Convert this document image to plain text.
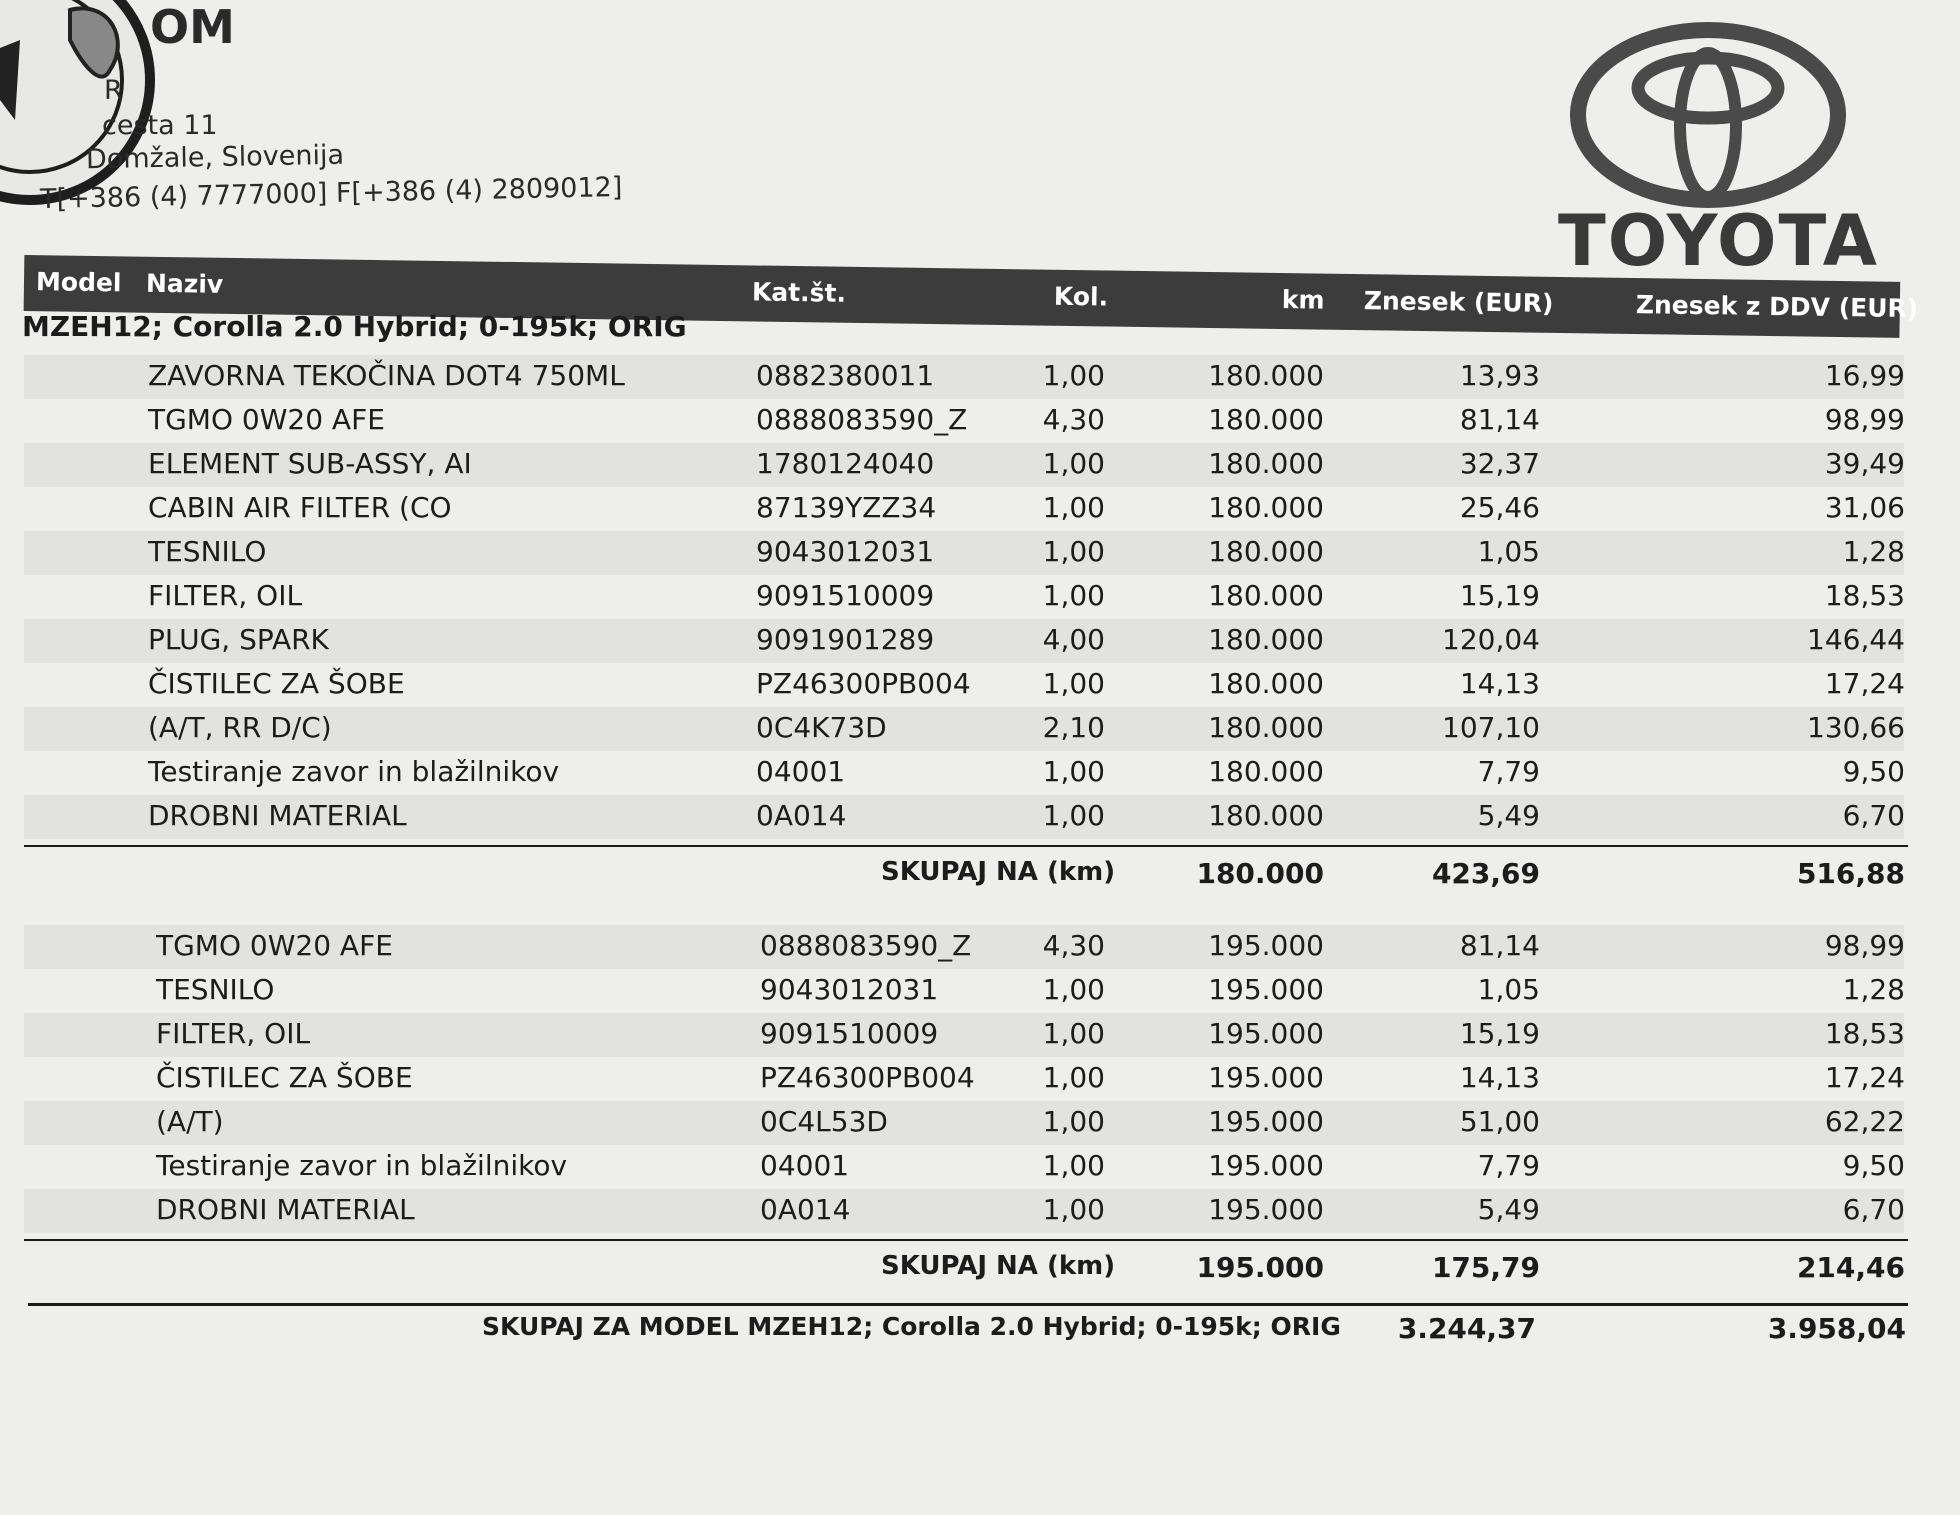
OM
R
cesta 11
Domžale, Slovenija
T[+386 (4) 7777000] F[+386 (4) 2809012]
TOYOTA
Model Naziv	Kat.št.	Kol.	km Znesek (EUR)	Znesek z DDV (EUR)
MZEH12; Corolla 2.0 Hybrid; 0-195k; ORIG
ZAVORNA TEKOČINA DOT4 750ML	0882380011	1,00	180.000	13,93	16,99
TGMO 0W20 AFE	0888083590_Z	4,30	180.000	81,14	98,99
ELEMENT SUB-ASSY, AI	1780124040	1,00	180.000	32,37	39,49
CABIN AIR FILTER (CO	87139YZZ34	1,00	180.000	25,46	31,06
TESNILO	9043012031	1,00	180.000	1,05	1,28
FILTER, OIL	9091510009	1,00	180.000	15,19	18,53
PLUG, SPARK	9091901289	4,00	180.000	120,04	146,44
ČISTILEC ZA ŠOBE	PZ46300PB004	1,00	180.000	14,13	17,24
(A/T, RR D/C)	0C4K73D	2,10	180.000	107,10	130,66
Testiranje zavor in blažilnikov	04001	1,00	180.000	7,79	9,50
DROBNI MATERIAL	0A014	1,00	180.000	5,49	6,70
SKUPAJ NA (km)	180.000	423,69	516,88
TGMO 0W20 AFE	0888083590_Z	4,30	195.000	81,14	98,99
TESNILO	9043012031	1,00	195.000	1,05	1,28
FILTER, OIL	9091510009	1,00	195.000	15,19	18,53
ČISTILEC ZA ŠOBE	PZ46300PB004 1,00	195.000	14,13	17,24
(A/T)	0C4L53D	1,00	195.000	51,00	62,22
Testiranje zavor in blažilnikov	04001	1,00	195.000	7,79	9,50
DROBNI MATERIAL	0A014	1,00	195.000	5,49	6,70
SKUPAJ NA (km)	195.000	175,79	214,46
SKUPAJ ZA MODEL MZEH12; Corolla 2.0 Hybrid; 0-195k; ORIG 3.244,37	3.958,04
